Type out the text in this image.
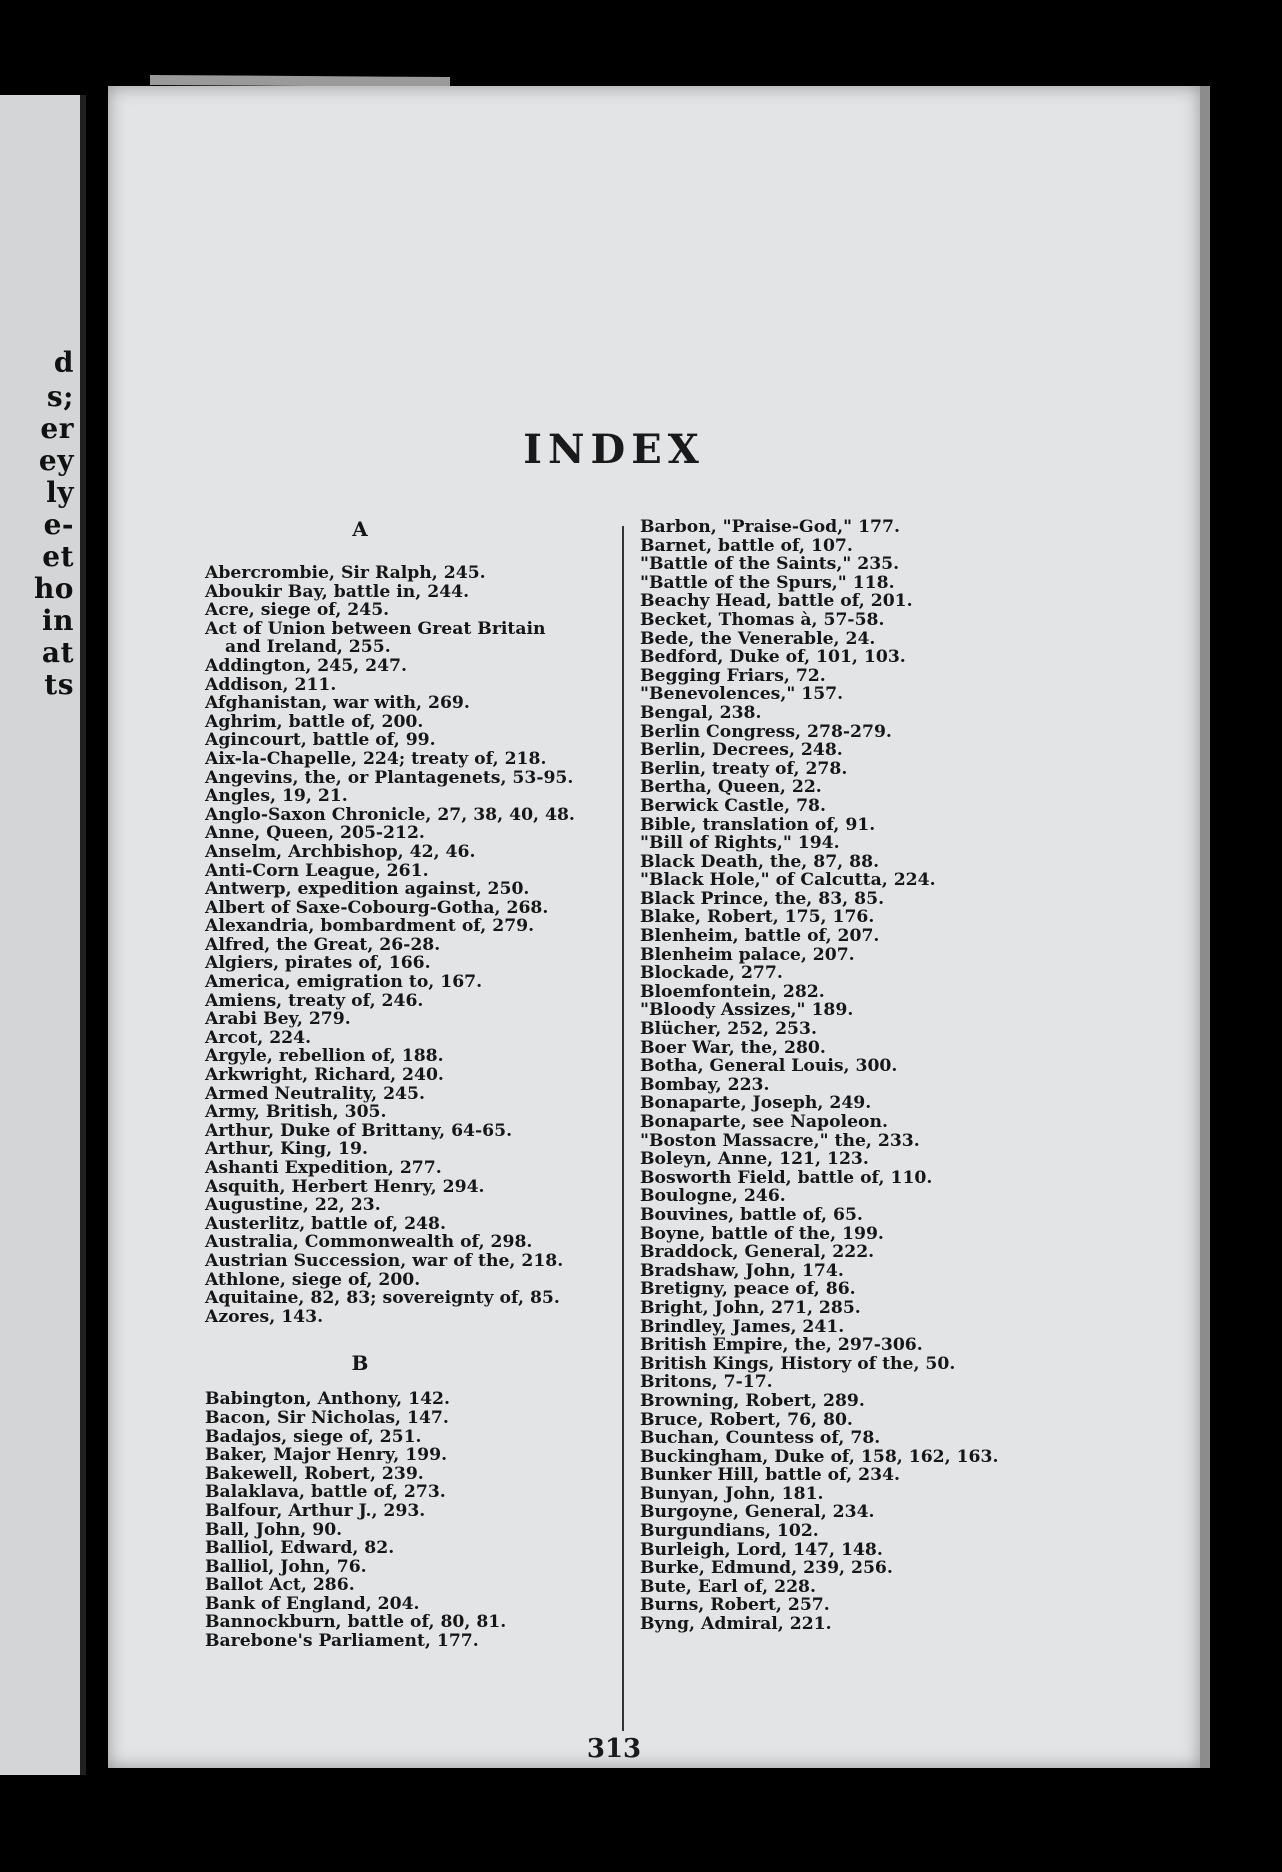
d
s;
er
ey
ly
e-
et
ho
in
at
ts
INDEX
A
Abercrombie, Sir Ralph, 245.
Aboukir Bay, battle in, 244.
Acre, siege of, 245.
Act of Union between Great Britain
and Ireland, 255.
Addington, 245, 247.
Addison, 211.
Afghanistan, war with, 269.
Aghrim, battle of, 200.
Agincourt, battle of, 99.
Aix-la-Chapelle, 224; treaty of, 218.
Angevins, the, or Plantagenets, 53-95.
Angles, 19, 21.
Anglo-Saxon Chronicle, 27, 38, 40, 48.
Anne, Queen, 205-212.
Anselm, Archbishop, 42, 46.
Anti-Corn League, 261.
Antwerp, expedition against, 250.
Albert of Saxe-Cobourg-Gotha, 268.
Alexandria, bombardment of, 279.
Alfred, the Great, 26-28.
Algiers, pirates of, 166.
America, emigration to, 167.
Amiens, treaty of, 246.
Arabi Bey, 279.
Arcot, 224.
Argyle, rebellion of, 188.
Arkwright, Richard, 240.
Armed Neutrality, 245.
Army, British, 305.
Arthur, Duke of Brittany, 64-65.
Arthur, King, 19.
Ashanti Expedition, 277.
Asquith, Herbert Henry, 294.
Augustine, 22, 23.
Austerlitz, battle of, 248.
Australia, Commonwealth of, 298.
Austrian Succession, war of the, 218.
Athlone, siege of, 200.
Aquitaine, 82, 83; sovereignty of, 85.
Azores, 143.
B
Babington, Anthony, 142.
Bacon, Sir Nicholas, 147.
Badajos, siege of, 251.
Baker, Major Henry, 199.
Bakewell, Robert, 239.
Balaklava, battle of, 273.
Balfour, Arthur J., 293.
Ball, John, 90.
Balliol, Edward, 82.
Balliol, John, 76.
Ballot Act, 286.
Bank of England, 204.
Bannockburn, battle of, 80, 81.
Barebone's Parliament, 177.
Barbon, "Praise-God," 177.
Barnet, battle of, 107.
"Battle of the Saints," 235.
"Battle of the Spurs," 118.
Beachy Head, battle of, 201.
Becket, Thomas à, 57-58.
Bede, the Venerable, 24.
Bedford, Duke of, 101, 103.
Begging Friars, 72.
"Benevolences," 157.
Bengal, 238.
Berlin Congress, 278-279.
Berlin, Decrees, 248.
Berlin, treaty of, 278.
Bertha, Queen, 22.
Berwick Castle, 78.
Bible, translation of, 91.
"Bill of Rights," 194.
Black Death, the, 87, 88.
"Black Hole," of Calcutta, 224.
Black Prince, the, 83, 85.
Blake, Robert, 175, 176.
Blenheim, battle of, 207.
Blenheim palace, 207.
Blockade, 277.
Bloemfontein, 282.
"Bloody Assizes," 189.
Blücher, 252, 253.
Boer War, the, 280.
Botha, General Louis, 300.
Bombay, 223.
Bonaparte, Joseph, 249.
Bonaparte, see Napoleon.
"Boston Massacre," the, 233.
Boleyn, Anne, 121, 123.
Bosworth Field, battle of, 110.
Boulogne, 246.
Bouvines, battle of, 65.
Boyne, battle of the, 199.
Braddock, General, 222.
Bradshaw, John, 174.
Bretigny, peace of, 86.
Bright, John, 271, 285.
Brindley, James, 241.
British Empire, the, 297-306.
British Kings, History of the, 50.
Britons, 7-17.
Browning, Robert, 289.
Bruce, Robert, 76, 80.
Buchan, Countess of, 78.
Buckingham, Duke of, 158, 162, 163.
Bunker Hill, battle of, 234.
Bunyan, John, 181.
Burgoyne, General, 234.
Burgundians, 102.
Burleigh, Lord, 147, 148.
Burke, Edmund, 239, 256.
Bute, Earl of, 228.
Burns, Robert, 257.
Byng, Admiral, 221.
313
